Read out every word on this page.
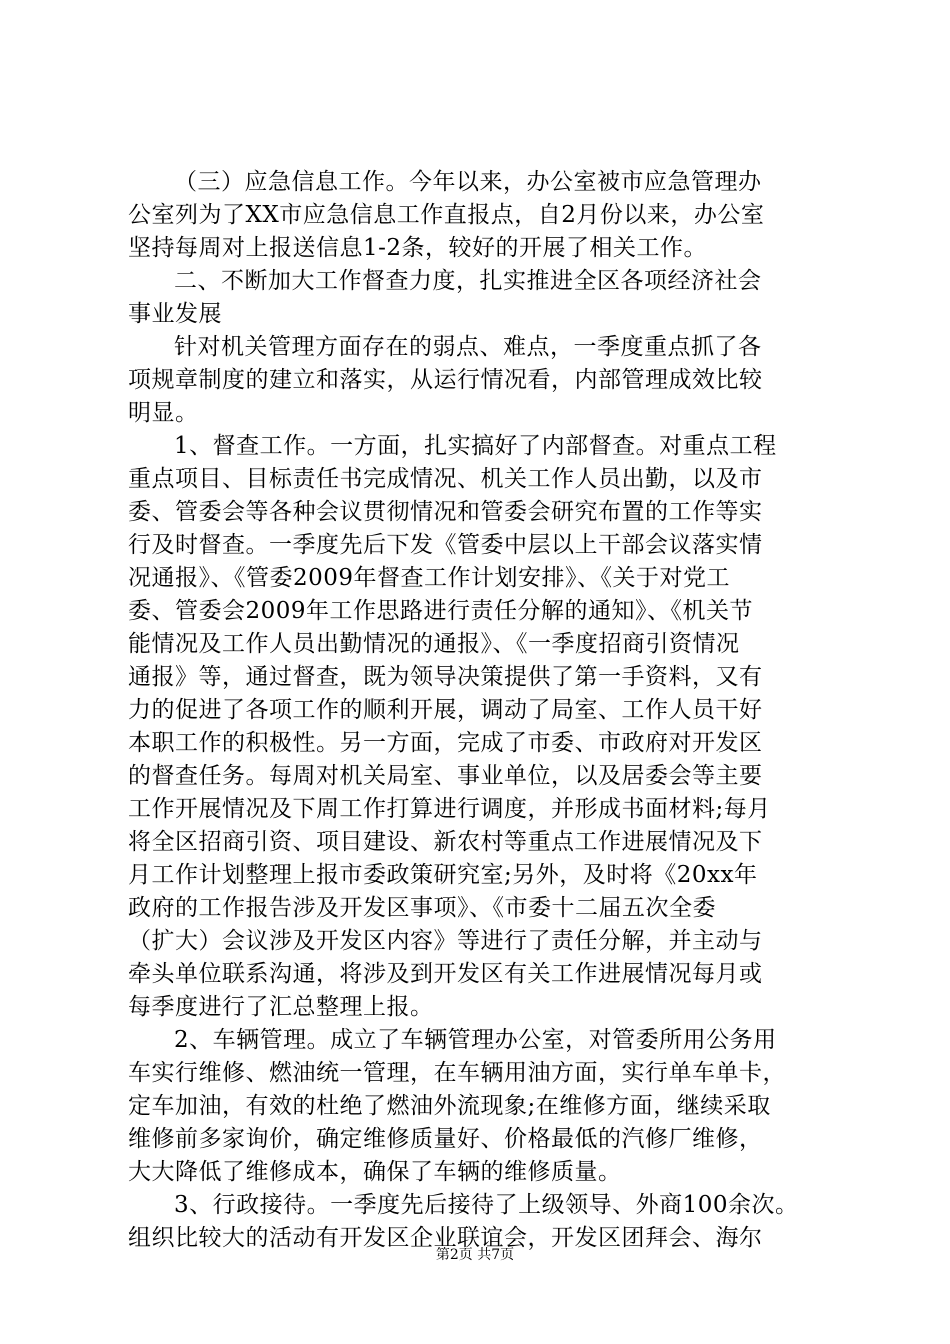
（三）应急信息工作。今年以来，办公室被市应急管理办
公室列为了XX市应急信息工作直报点，自2月份以来，办公室
坚持每周对上报送信息1-2条，较好的开展了相关工作。

二、不断加大工作督查力度，扎实推进全区各项经济社会
事业发展

针对机关管理方面存在的弱点、难点，一季度重点抓了各
项规章制度的建立和落实，从运行情况看，内部管理成效比较
明显。

1、督查工作。一方面，扎实搞好了内部督查。对重点工程
重点项目、目标责任书完成情况、机关工作人员出勤，以及市
委、管委会等各种会议贯彻情况和管委会研究布置的工作等实
行及时督查。一季度先后下发《管委中层以上干部会议落实情
况通报》、《管委2009年督查工作计划安排》、《关于对党工
委、管委会2009年工作思路进行责任分解的通知》、《机关节
能情况及工作人员出勤情况的通报》、《一季度招商引资情况
通报》等，通过督查，既为领导决策提供了第一手资料，又有
力的促进了各项工作的顺利开展，调动了局室、工作人员干好
本职工作的积极性。另一方面，完成了市委、市政府对开发区
的督查任务。每周对机关局室、事业单位，以及居委会等主要
工作开展情况及下周工作打算进行调度，并形成书面材料;每月
将全区招商引资、项目建设、新农村等重点工作进展情况及下
月工作计划整理上报市委政策研究室;另外，及时将《20xx年
政府的工作报告涉及开发区事项》、《市委十二届五次全委
（扩大）会议涉及开发区内容》等进行了责任分解，并主动与
牵头单位联系沟通，将涉及到开发区有关工作进展情况每月或
每季度进行了汇总整理上报。

2、车辆管理。成立了车辆管理办公室，对管委所用公务用
车实行维修、燃油统一管理，在车辆用油方面，实行单车单卡，
定车加油，有效的杜绝了燃油外流现象;在维修方面，继续采取
维修前多家询价，确定维修质量好、价格最低的汽修厂维修，
大大降低了维修成本，确保了车辆的维修质量。

3、行政接待。一季度先后接待了上级领导、外商100余次。
组织比较大的活动有开发区企业联谊会，开发区团拜会、海尔

第2页 共7页
